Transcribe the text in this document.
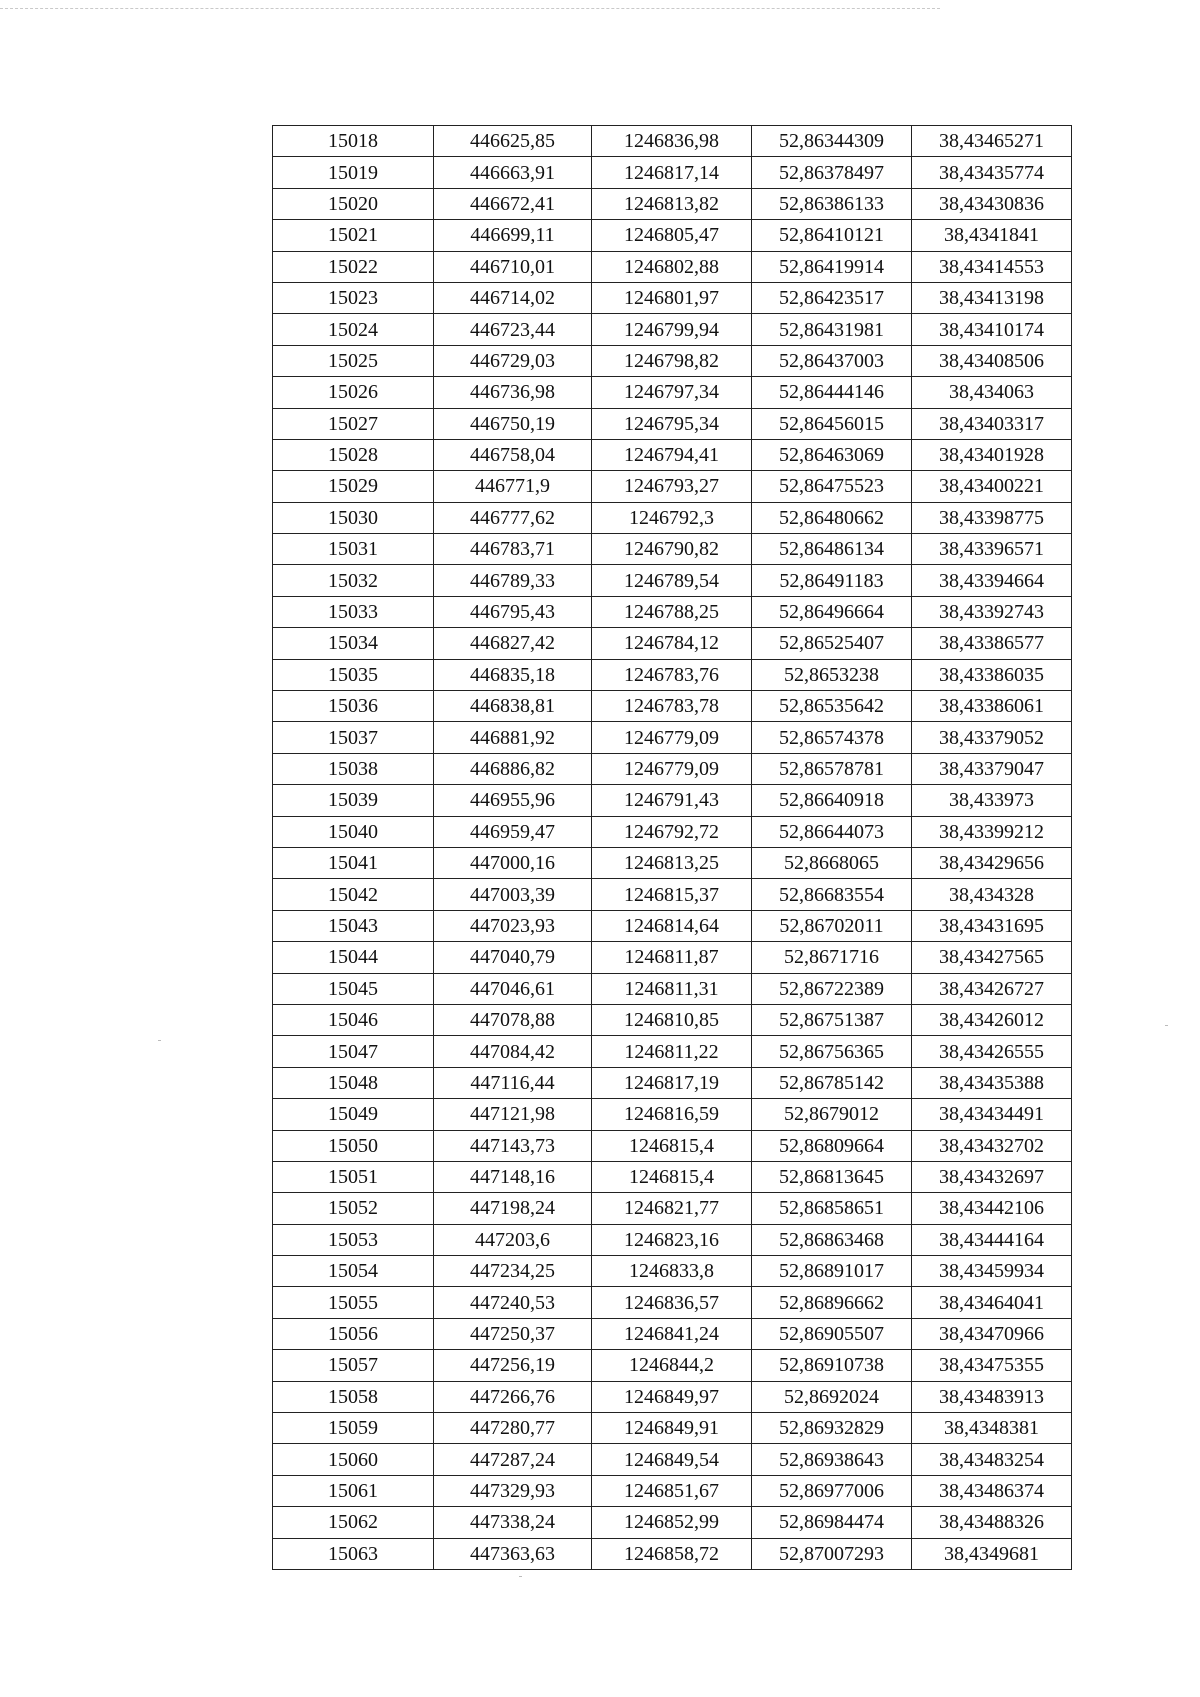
15018	446625,85	1246836,98	52,86344309	38,43465271
15019	446663,91	1246817,14	52,86378497	38,43435774
15020	446672,41	1246813,82	52,86386133	38,43430836
15021	446699,11	1246805,47	52,86410121	38,4341841
15022	446710,01	1246802,88	52,86419914	38,43414553
15023	446714,02	1246801,97	52,86423517	38,43413198
15024	446723,44	1246799,94	52,86431981	38,43410174
15025	446729,03	1246798,82	52,86437003	38,43408506
15026	446736,98	1246797,34	52,86444146	38,434063
15027	446750,19	1246795,34	52,86456015	38,43403317
15028	446758,04	1246794,41	52,86463069	38,43401928
15029	446771,9	1246793,27	52,86475523	38,43400221
15030	446777,62	1246792,3	52,86480662	38,43398775
15031	446783,71	1246790,82	52,86486134	38,43396571
15032	446789,33	1246789,54	52,86491183	38,43394664
15033	446795,43	1246788,25	52,86496664	38,43392743
15034	446827,42	1246784,12	52,86525407	38,43386577
15035	446835,18	1246783,76	52,8653238	38,43386035
15036	446838,81	1246783,78	52,86535642	38,43386061
15037	446881,92	1246779,09	52,86574378	38,43379052
15038	446886,82	1246779,09	52,86578781	38,43379047
15039	446955,96	1246791,43	52,86640918	38,433973
15040	446959,47	1246792,72	52,86644073	38,43399212
15041	447000,16	1246813,25	52,8668065	38,43429656
15042	447003,39	1246815,37	52,86683554	38,434328
15043	447023,93	1246814,64	52,86702011	38,43431695
15044	447040,79	1246811,87	52,8671716	38,43427565
15045	447046,61	1246811,31	52,86722389	38,43426727
15046	447078,88	1246810,85	52,86751387	38,43426012
15047	447084,42	1246811,22	52,86756365	38,43426555
15048	447116,44	1246817,19	52,86785142	38,43435388
15049	447121,98	1246816,59	52,8679012	38,43434491
15050	447143,73	1246815,4	52,86809664	38,43432702
15051	447148,16	1246815,4	52,86813645	38,43432697
15052	447198,24	1246821,77	52,86858651	38,43442106
15053	447203,6	1246823,16	52,86863468	38,43444164
15054	447234,25	1246833,8	52,86891017	38,43459934
15055	447240,53	1246836,57	52,86896662	38,43464041
15056	447250,37	1246841,24	52,86905507	38,43470966
15057	447256,19	1246844,2	52,86910738	38,43475355
15058	447266,76	1246849,97	52,8692024	38,43483913
15059	447280,77	1246849,91	52,86932829	38,4348381
15060	447287,24	1246849,54	52,86938643	38,43483254
15061	447329,93	1246851,67	52,86977006	38,43486374
15062	447338,24	1246852,99	52,86984474	38,43488326
15063	447363,63	1246858,72	52,87007293	38,4349681
